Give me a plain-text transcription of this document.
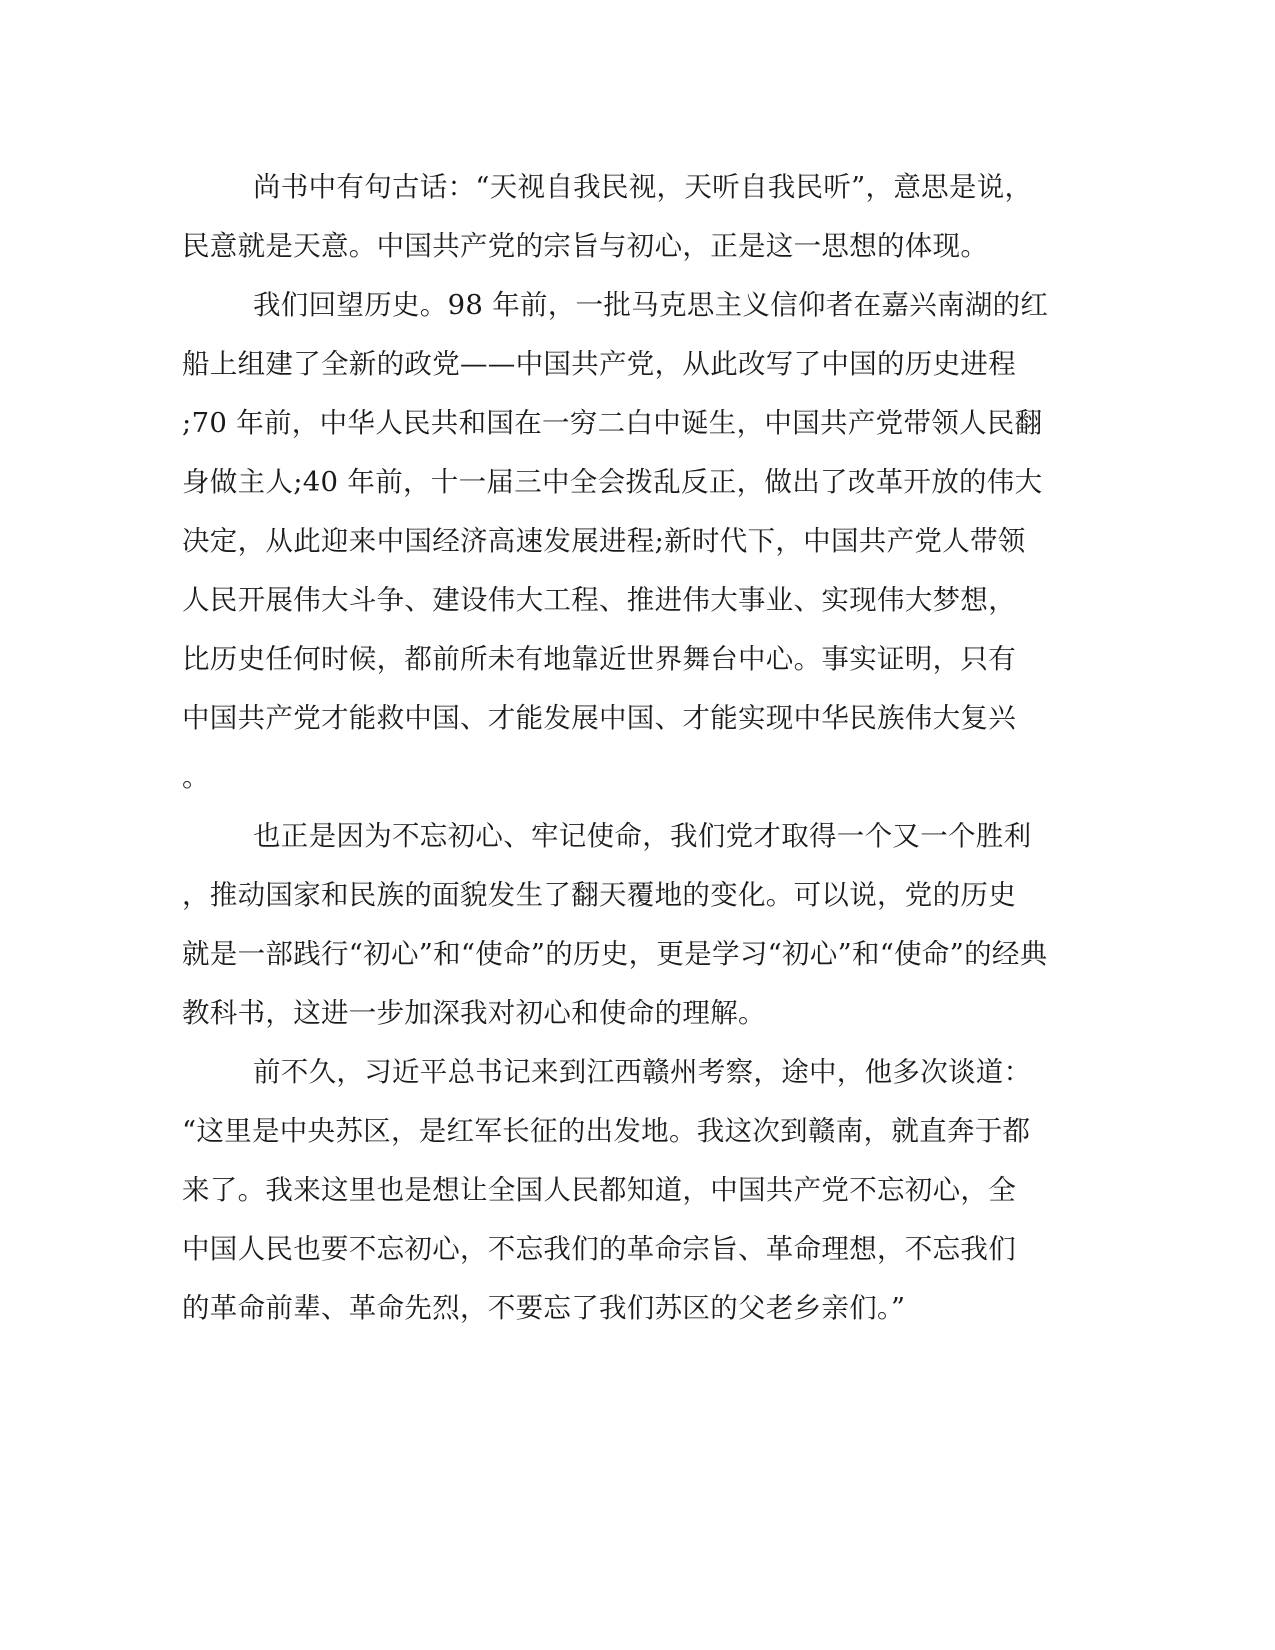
尚书中有句古话：“天视自我民视，天听自我民听”，意思是说，
民意就是天意。中国共产党的宗旨与初心，正是这一思想的体现。
我们回望历史。98 年前，一批马克思主义信仰者在嘉兴南湖的红
船上组建了全新的政党——中国共产党，从此改写了中国的历史进程
;70 年前，中华人民共和国在一穷二白中诞生，中国共产党带领人民翻
身做主人;40 年前，十一届三中全会拨乱反正，做出了改革开放的伟大
决定，从此迎来中国经济高速发展进程;新时代下，中国共产党人带领
人民开展伟大斗争、建设伟大工程、推进伟大事业、实现伟大梦想，
比历史任何时候，都前所未有地靠近世界舞台中心。事实证明，只有
中国共产党才能救中国、才能发展中国、才能实现中华民族伟大复兴
。
也正是因为不忘初心、牢记使命，我们党才取得一个又一个胜利
，推动国家和民族的面貌发生了翻天覆地的变化。可以说，党的历史
就是一部践行“初心”和“使命”的历史，更是学习“初心”和“使命”的经典
教科书，这进一步加深我对初心和使命的理解。
前不久，习近平总书记来到江西赣州考察，途中，他多次谈道：
“这里是中央苏区，是红军长征的出发地。我这次到赣南，就直奔于都
来了。我来这里也是想让全国人民都知道，中国共产党不忘初心，全
中国人民也要不忘初心，不忘我们的革命宗旨、革命理想，不忘我们
的革命前辈、革命先烈，不要忘了我们苏区的父老乡亲们。”
